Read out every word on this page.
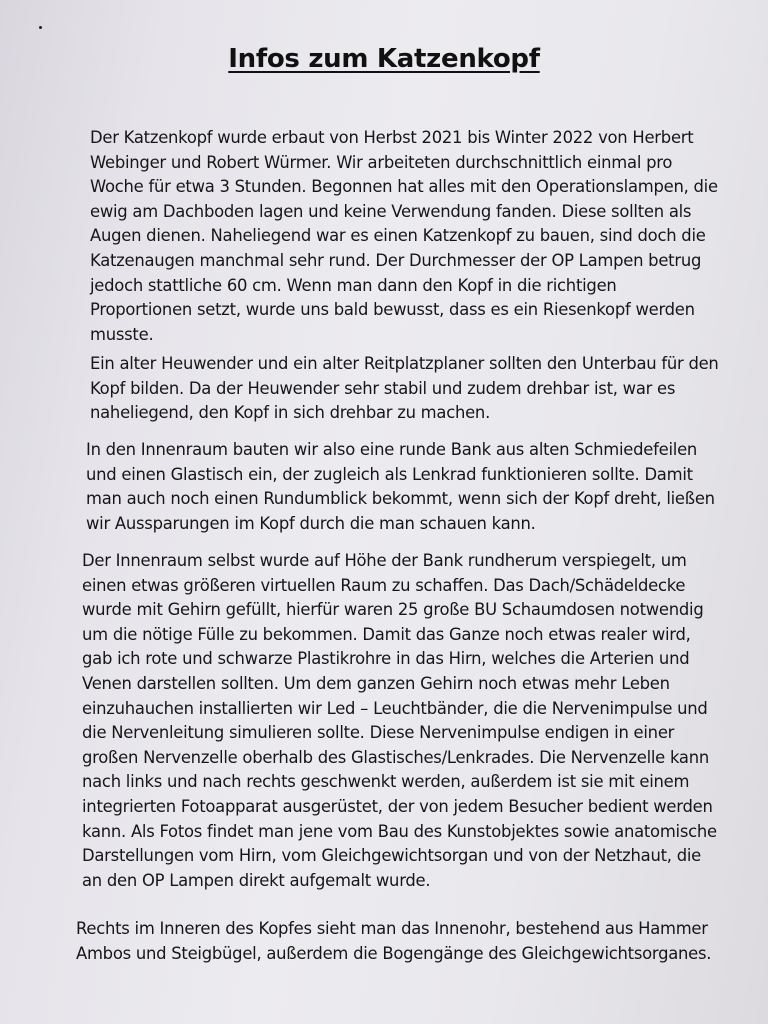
Infos zum Katzenkopf
Der Katzenkopf wurde erbaut von Herbst 2021 bis Winter 2022 von Herbert
Webinger und Robert Würmer. Wir arbeiteten durchschnittlich einmal pro
Woche für etwa 3 Stunden. Begonnen hat alles mit den Operationslampen, die
ewig am Dachboden lagen und keine Verwendung fanden. Diese sollten als
Augen dienen. Naheliegend war es einen Katzenkopf zu bauen, sind doch die
Katzenaugen manchmal sehr rund. Der Durchmesser der OP Lampen betrug
jedoch stattliche 60 cm. Wenn man dann den Kopf in die richtigen
Proportionen setzt, wurde uns bald bewusst, dass es ein Riesenkopf werden
musste.
Ein alter Heuwender und ein alter Reitplatzplaner sollten den Unterbau für den
Kopf bilden. Da der Heuwender sehr stabil und zudem drehbar ist, war es
naheliegend, den Kopf in sich drehbar zu machen.
In den Innenraum bauten wir also eine runde Bank aus alten Schmiedefeilen
und einen Glastisch ein, der zugleich als Lenkrad funktionieren sollte. Damit
man auch noch einen Rundumblick bekommt, wenn sich der Kopf dreht, ließen
wir Aussparungen im Kopf durch die man schauen kann.
Der Innenraum selbst wurde auf Höhe der Bank rundherum verspiegelt, um
einen etwas größeren virtuellen Raum zu schaffen. Das Dach/Schädeldecke
wurde mit Gehirn gefüllt, hierfür waren 25 große BU Schaumdosen notwendig
um die nötige Fülle zu bekommen. Damit das Ganze noch etwas realer wird,
gab ich rote und schwarze Plastikrohre in das Hirn, welches die Arterien und
Venen darstellen sollten. Um dem ganzen Gehirn noch etwas mehr Leben
einzuhauchen installierten wir Led – Leuchtbänder, die die Nervenimpulse und
die Nervenleitung simulieren sollte. Diese Nervenimpulse endigen in einer
großen Nervenzelle oberhalb des Glastisches/Lenkrades. Die Nervenzelle kann
nach links und nach rechts geschwenkt werden, außerdem ist sie mit einem
integrierten Fotoapparat ausgerüstet, der von jedem Besucher bedient werden
kann. Als Fotos findet man jene vom Bau des Kunstobjektes sowie anatomische
Darstellungen vom Hirn, vom Gleichgewichtsorgan und von der Netzhaut, die
an den OP Lampen direkt aufgemalt wurde.
Rechts im Inneren des Kopfes sieht man das Innenohr, bestehend aus Hammer
Ambos und Steigbügel, außerdem die Bogengänge des Gleichgewichtsorganes.
